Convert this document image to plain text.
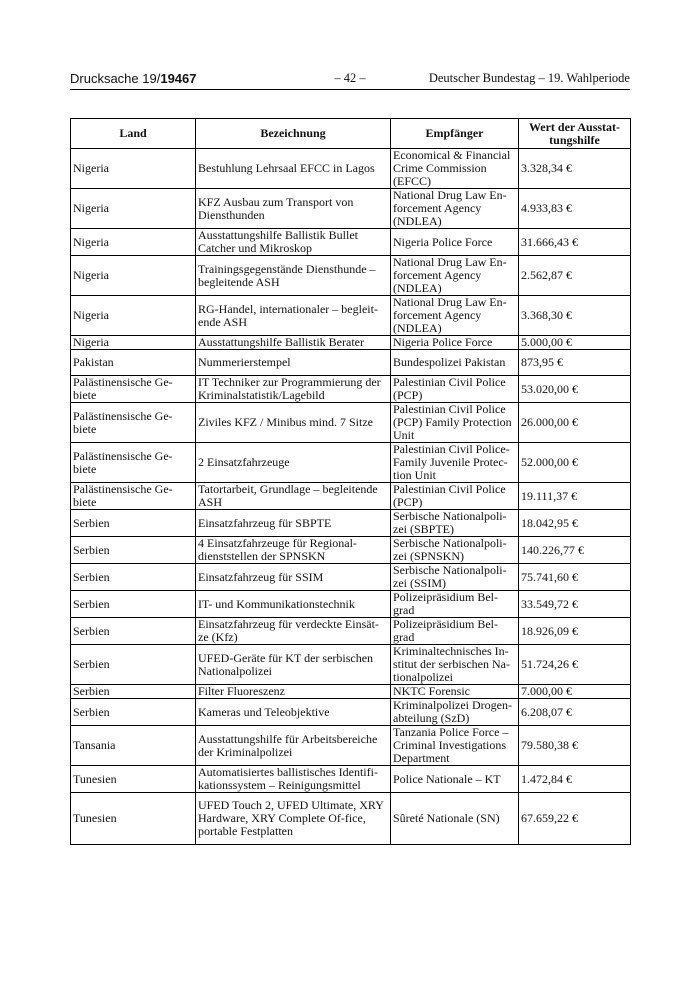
Drucksache 19/19467	– 42 –	Deutscher Bundestag – 19. Wahlperiode
Land	Bezeichnung	Empfänger	Wert der Ausstat-tungshilfe
Nigeria	Bestuhlung Lehrsaal EFCC in Lagos	Economical & Financial Crime Commission (EFCC)	3.328,34 €
Nigeria	KFZ Ausbau zum Transport von Diensthunden	National Drug Law En-forcement Agency (NDLEA)	4.933,83 €
Nigeria	Ausstattungshilfe Ballistik Bullet Catcher und Mikroskop	Nigeria Police Force	31.666,43 €
Nigeria	Trainingsgegenstände Diensthunde – begleitende ASH	National Drug Law En-forcement Agency (NDLEA)	2.562,87 €
Nigeria	RG-Handel, internationaler – begleit-ende ASH	National Drug Law En-forcement Agency (NDLEA)	3.368,30 €
Nigeria	Ausstattungshilfe Ballistik Berater	Nigeria Police Force	5.000,00 €
Pakistan	Nummerierstempel	Bundespolizei Pakistan	873,95 €
Palästinensische Ge-biete	IT Techniker zur Programmierung der Kriminalstatistik/Lagebild	Palestinian Civil Police (PCP)	53.020,00 €
Palästinensische Ge-biete	Ziviles KFZ / Minibus mind. 7 Sitze	Palestinian Civil Police (PCP) Family Protection Unit	26.000,00 €
Palästinensische Ge-biete	2 Einsatzfahrzeuge	Palestinian Civil Police-Family Juvenile Protec-tion Unit	52.000,00 €
Palästinensische Ge-biete	Tatortarbeit, Grundlage – begleitende ASH	Palestinian Civil Police (PCP)	19.111,37 €
Serbien	Einsatzfahrzeug für SBPTE	Serbische Nationalpoli-zei (SBPTE)	18.042,95 €
Serbien	4 Einsatzfahrzeuge für Regional-dienststellen der SPNSKN	Serbische Nationalpoli-zei (SPNSKN)	140.226,77 €
Serbien	Einsatzfahrzeug für SSIM	Serbische Nationalpoli-zei (SSIM)	75.741,60 €
Serbien	IT- und Kommunikationstechnik	Polizeipräsidium Bel-grad	33.549,72 €
Serbien	Einsatzfahrzeug für verdeckte Einsät-ze (Kfz)	Polizeipräsidium Bel-grad	18.926,09 €
Serbien	UFED-Geräte für KT der serbischen Nationalpolizei	Kriminaltechnisches In-stitut der serbischen Na-tionalpolizei	51.724,26 €
Serbien	Filter Fluoreszenz	NKTC Forensic	7.000,00 €
Serbien	Kameras und Teleobjektive	Kriminalpolizei Drogen-abteilung (SzD)	6.208,07 €
Tansania	Ausstattungshilfe für Arbeitsbereiche der Kriminalpolizei	Tanzania Police Force – Criminal Investigations Department	79.580,38 €
Tunesien	Automatisiertes ballistisches Identifi-kationssystem – Reinigungsmittel	Police Nationale – KT	1.472,84 €
Tunesien	UFED Touch 2, UFED Ultimate, XRY Hardware, XRY Complete Of-fice, portable Festplatten	Sûreté Nationale (SN)	67.659,22 €
